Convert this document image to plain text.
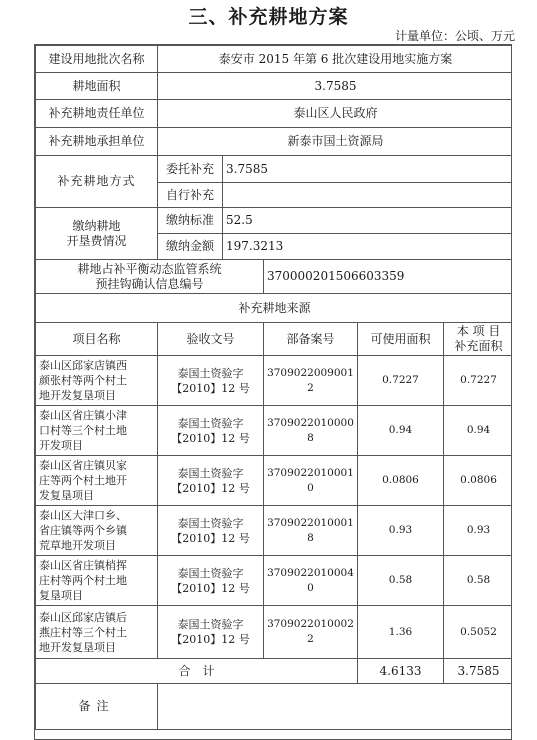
三、补充耕地方案
计量单位：公顷、万元
建设用地批次名称	泰安市 2015 年第 6 批次建设用地实施方案				
耕地面积	3.7585				
补充耕地责任单位	泰山区人民政府				
补充耕地承担单位	新泰市国土资源局				
补充耕地方式	委托补充	3.7585			
	自行补充				
缴纳耕地
开垦费情况	缴纳标准	52.5			
	缴纳金额	197.3213			
耕地占补平衡动态监管系统
预挂钩确认信息编号			370000201506603359		
补充耕地来源					
项目名称	验收文号		部备案号	可使用面积	本 项 目
补充面积
泰山区邱家店镇西
颜张村等两个村土
地开发复垦项目	泰国土资验字
【2010】12 号		37090220090012	0.7227	0.7227
泰山区省庄镇小津
口村等三个村土地
开发项目	泰国土资验字
【2010】12 号		37090220100008	0.94	0.94
泰山区省庄镇贝家
庄等两个村土地开
发复垦项目	泰国土资验字
【2010】12 号		37090220100010	0.0806	0.0806
泰山区大津口乡、
省庄镇等两个乡镇
荒草地开发项目	泰国土资验字
【2010】12 号		37090220100018	0.93	0.93
泰山区省庄镇梢挥
庄村等两个村土地
复垦项目	泰国土资验字
【2010】12 号		37090220100040	0.58	0.58
泰山区邱家店镇后
燕庄村等三个村土
地开发复垦项目	泰国土资验字
【2010】12 号		37090220100022	1.36	0.5052
合　计				4.6133	3.7585
备注					
